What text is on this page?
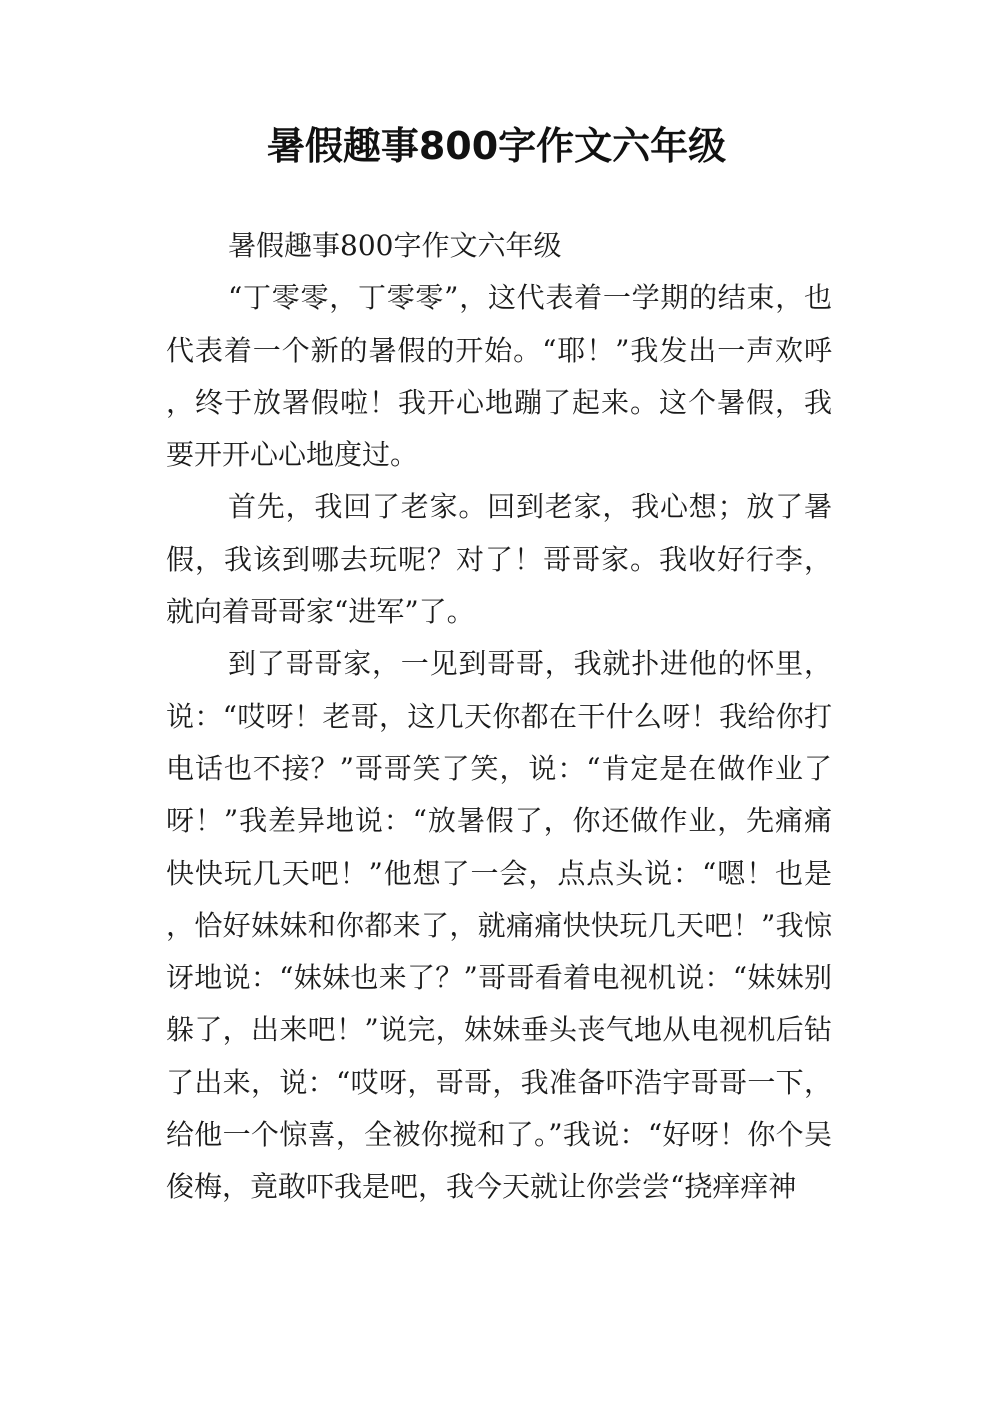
暑假趣事800字作文六年级

暑假趣事800字作文六年级

“丁零零，丁零零”，这代表着一学期的结束，也代表着一个新的暑假的开始。“耶！”我发出一声欢呼，终于放署假啦！我开心地蹦了起来。这个暑假，我要开开心心地度过。

首先，我回了老家。回到老家，我心想；放了暑假，我该到哪去玩呢？对了！哥哥家。我收好行李，就向着哥哥家“进军”了。

到了哥哥家，一见到哥哥，我就扑进他的怀里，说：“哎呀！老哥，这几天你都在干什么呀！我给你打电话也不接？”哥哥笑了笑，说：“肯定是在做作业了呀！”我差异地说：“放暑假了，你还做作业，先痛痛快快玩几天吧！”他想了一会，点点头说：“嗯！也是，恰好妹妹和你都来了，就痛痛快快玩几天吧！”我惊讶地说：“妹妹也来了？”哥哥看着电视机说：“妹妹别躲了，出来吧！”说完，妹妹垂头丧气地从电视机后钻了出来，说：“哎呀，哥哥，我准备吓浩宇哥哥一下，给他一个惊喜，全被你搅和了。”我说：“好呀！你个吴俊梅，竟敢吓我是吧，我今天就让你尝尝“挠痒痒神
